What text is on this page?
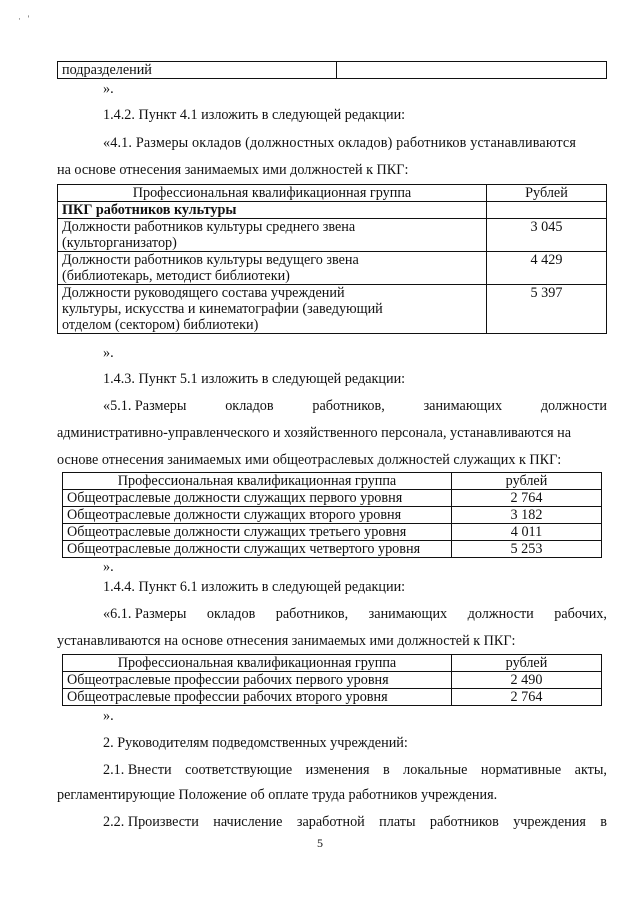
·   '
подразделений	
».
1.4.2. Пункт 4.1 изложить в следующей редакции:
«4.1. Размеры окладов (должностных окладов) работников устанавливаются
на основе отнесения занимаемых ими должностей к ПКГ:
Профессиональная квалификационная группа	Рублей
ПКГ работников культуры	

Должности работников культуры среднего звена
(культорганизатор)	3 045

Должности работников культуры ведущего звена
(библиотекарь, методист библиотеки)	4 429

Должности руководящего состава учреждений
культуры, искусства и кинематографии (заведующий
отделом (сектором) библиотеки)	5 397
».
1.4.3. Пункт 5.1 изложить в следующей редакции:
«5.1. Размеры	окладов	работников,	занимающих	должности
административно-управленческого и хозяйственного персонала, устанавливаются на
основе отнесения занимаемых ими общеотраслевых должностей служащих к ПКГ:
Профессиональная квалификационная группа	рублей
Общеотраслевые должности служащих первого уровня	2 764
Общеотраслевые должности служащих второго уровня	3 182
Общеотраслевые должности служащих третьего уровня	4 011
Общеотраслевые должности служащих четвертого уровня	5 253
».
1.4.4. Пункт 6.1 изложить в следующей редакции:
«6.1. Размеры окладов работников, занимающих должности рабочих,
устанавливаются на основе отнесения занимаемых ими должностей к ПКГ:
Профессиональная квалификационная группа	рублей
Общеотраслевые профессии рабочих первого уровня	2 490
Общеотраслевые профессии рабочих второго уровня	2 764
».
2. Руководителям подведомственных учреждений:
2.1. Внести соответствующие изменения в локальные нормативные акты,
регламентирующие Положение об оплате труда работников учреждения.
2.2. Произвести начисление заработной платы работников учреждения в
5
